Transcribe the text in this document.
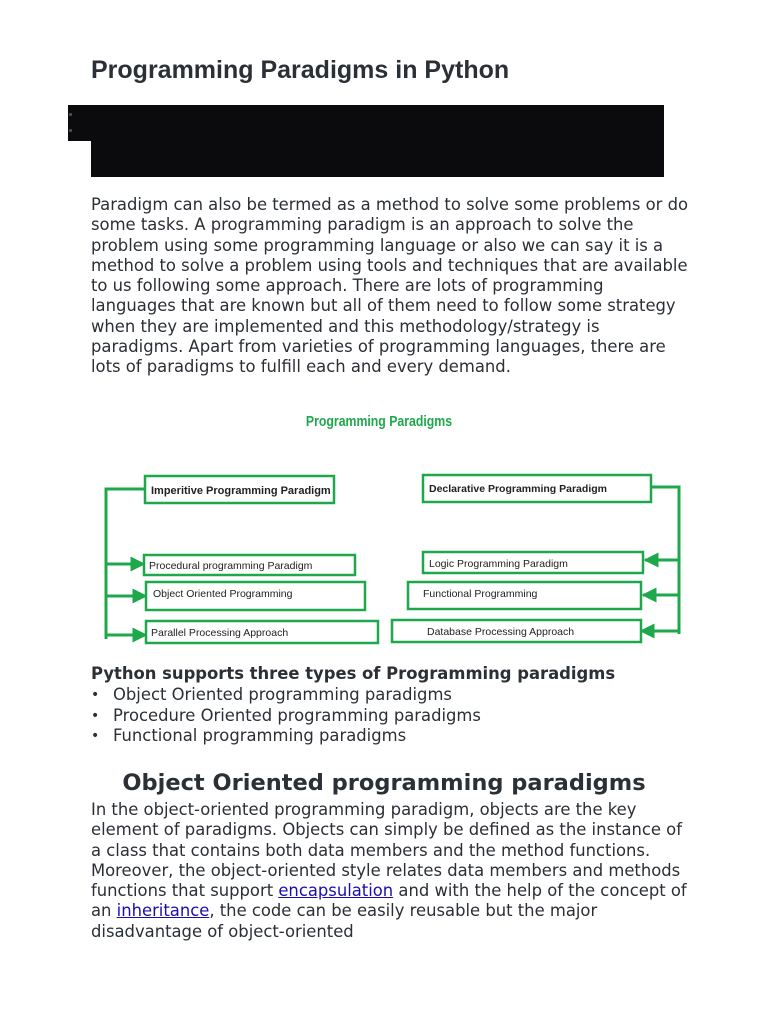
Programming Paradigms in Python

Paradigm can also be termed as a method to solve some problems or do some tasks. A programming paradigm is an approach to solve the problem using some programming language or also we can say it is a method to solve a problem using tools and techniques that are available to us following some approach. There are lots of programming languages that are known but all of them need to follow some strategy when they are implemented and this methodology/strategy is paradigms. Apart from varieties of programming languages, there are lots of paradigms to fulfill each and every demand.

Programming Paradigms
Imperitive Programming Paradigm
Procedural programming Paradigm
Object Oriented Programming
Parallel Processing Approach
Declarative Programming Paradigm
Logic Programming Paradigm
Functional Programming
Database Processing Approach
Python supports three types of Programming paradigms
• Object Oriented programming paradigms
• Procedure Oriented programming paradigms
• Functional programming paradigms
Object Oriented programming paradigms

In the object-oriented programming paradigm, objects are the key element of paradigms. Objects can simply be defined as the instance of a class that contains both data members and the method functions. Moreover, the object-oriented style relates data members and methods functions that support encapsulation and with the help of the concept of an inheritance, the code can be easily reusable but the major disadvantage of object-oriented
